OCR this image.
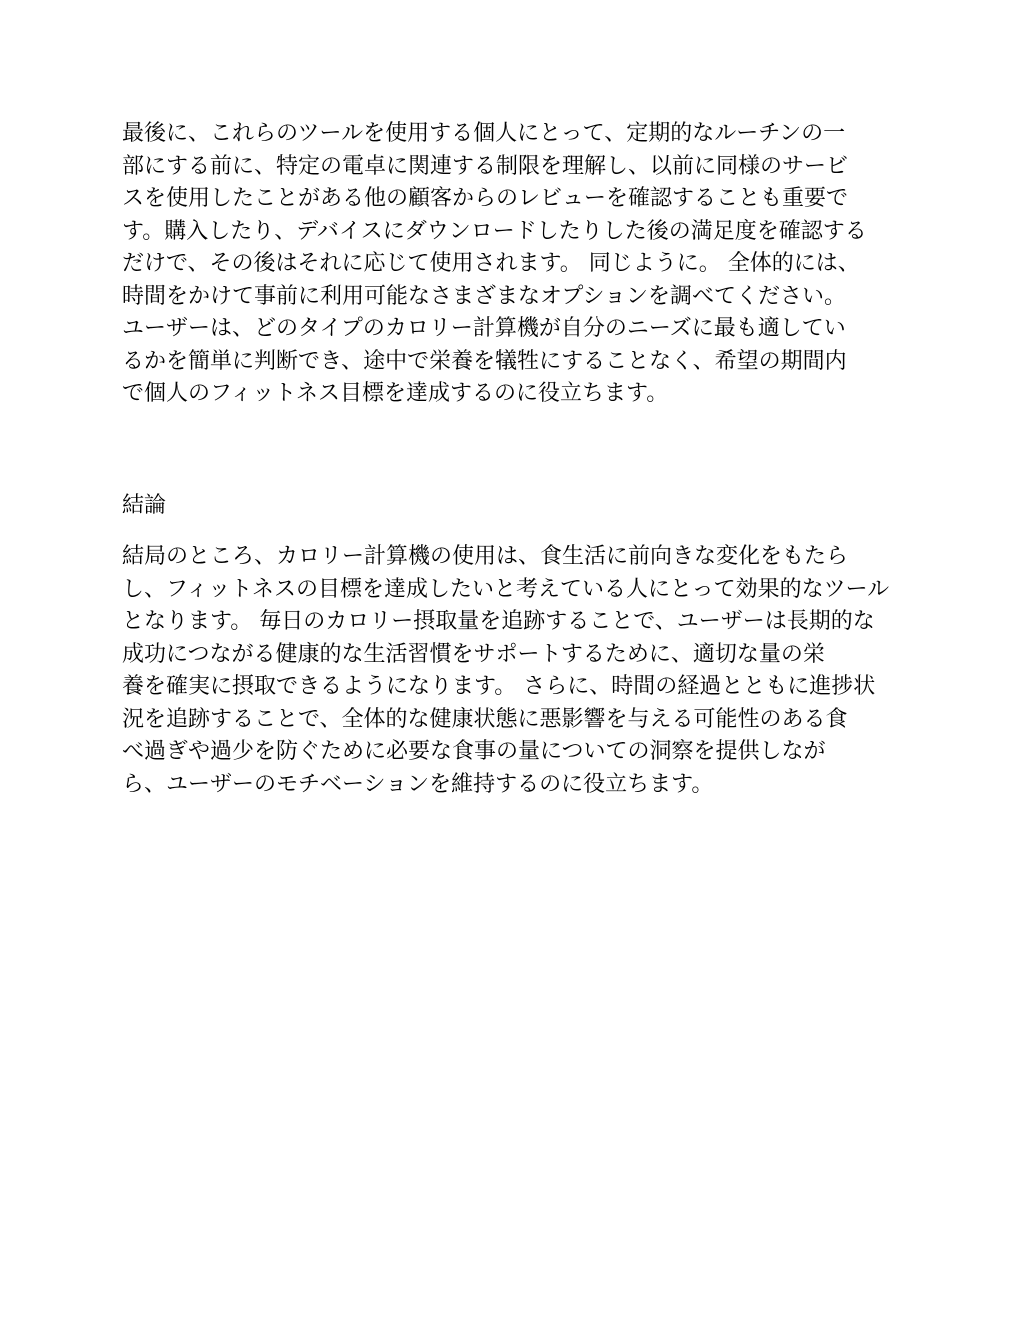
最後に、これらのツールを使用する個人にとって、定期的なルーチンの一
部にする前に、特定の電卓に関連する制限を理解し、以前に同様のサービ
スを使用したことがある他の顧客からのレビューを確認することも重要で
す。購入したり、デバイスにダウンロードしたりした後の満足度を確認する
だけで、その後はそれに応じて使用されます。 同じように。 全体的には、
時間をかけて事前に利用可能なさまざまなオプションを調べてください。
ユーザーは、どのタイプのカロリー計算機が自分のニーズに最も適してい
るかを簡単に判断でき、途中で栄養を犠牲にすることなく、希望の期間内
で個人のフィットネス目標を達成するのに役立ちます。
結論
結局のところ、カロリー計算機の使用は、食生活に前向きな変化をもたら
し、フィットネスの目標を達成したいと考えている人にとって効果的なツール
となります。 毎日のカロリー摂取量を追跡することで、ユーザーは長期的な
成功につながる健康的な生活習慣をサポートするために、適切な量の栄
養を確実に摂取できるようになります。 さらに、時間の経過とともに進捗状
況を追跡することで、全体的な健康状態に悪影響を与える可能性のある食
べ過ぎや過少を防ぐために必要な食事の量についての洞察を提供しなが
ら、ユーザーのモチベーションを維持するのに役立ちます。
